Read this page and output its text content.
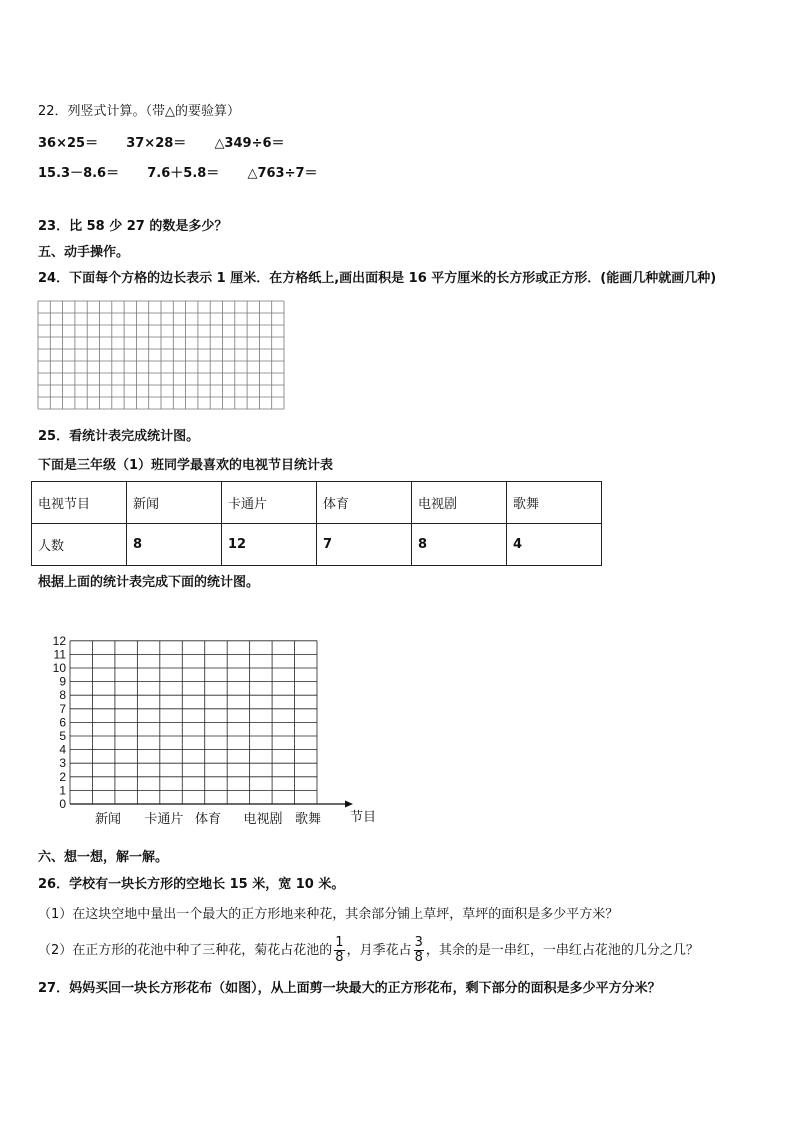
22．列竖式计算。（带△的要验算）
36×25＝ 37×28＝ △349÷6＝
15.3－8.6＝ 7.6＋5.8＝ △763÷7＝
23．比 58 少 27 的数是多少？
五、动手操作。
24．下面每个方格的边长表示 1 厘米．在方格纸上,画出面积是 16 平方厘米的长方形或正方形．(能画几种就画几种)
25．看统计表完成统计图。
下面是三年级（1）班同学最喜欢的电视节目统计表
电视节目	新闻	卡通片	体育	电视剧	歌舞
人数	8	12	7	8	4
根据上面的统计表完成下面的统计图。
0
1
2
3
4
5
6
7
8
9
10
11
12
新闻 卡通片 体育 电视剧 歌舞 节目
六、想一想，解一解。
26．学校有一块长方形的空地长 15 米，宽 10 米。
（1）在这块空地中量出一个最大的正方形地来种花，其余部分铺上草坪，草坪的面积是多少平方米？
（2）在正方形的花池中种了三种花，菊花占花池的 $\frac{1}{8}$ ，月季花占 $\frac{3}{8}$ ，其余的是一串红，一串红占花池的几分之几？
27．妈妈买回一块长方形花布（如图），从上面剪一块最大的正方形花布，剩下部分的面积是多少平方分米？
